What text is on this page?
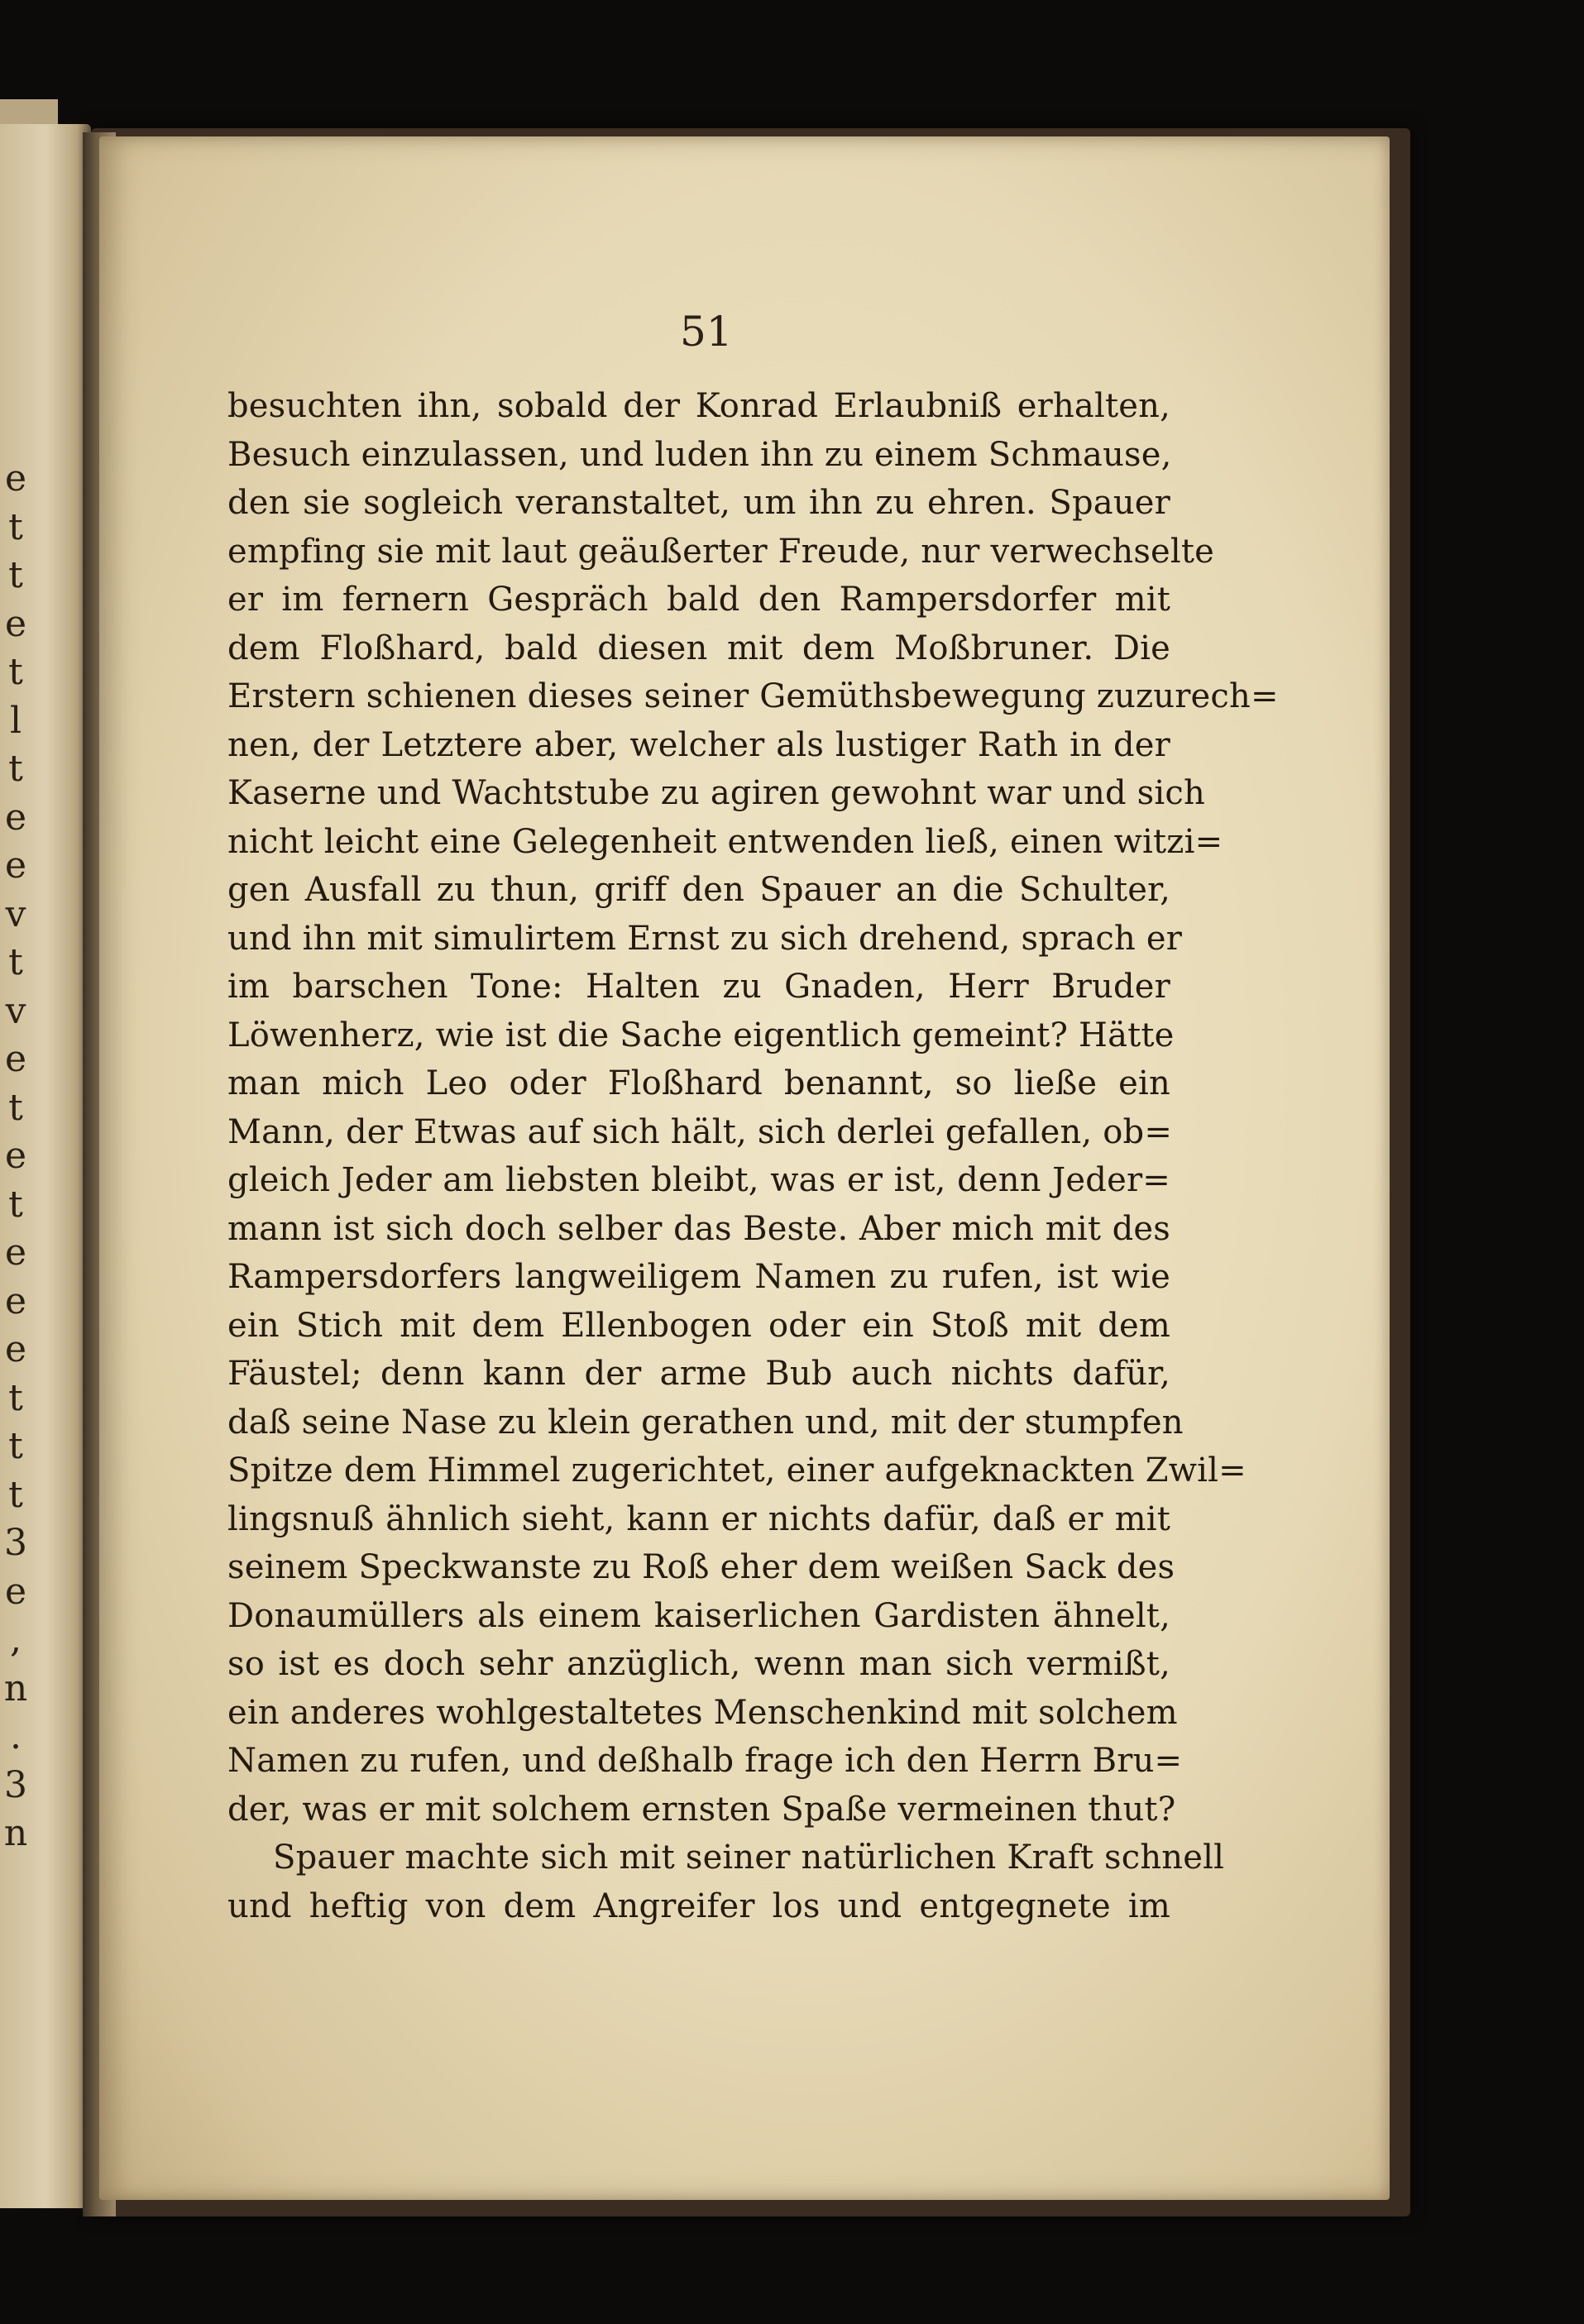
e
t
t
e
t
l
t
e
e
v
t
v
e
t
e
t
e
e
e
t
t
t
3
e
,
n
.
3
n
51
besuchten ihn, sobald der Konrad Erlaubniß erhalten,
Besuch einzulassen, und luden ihn zu einem Schmause,
den sie sogleich veranstaltet, um ihn zu ehren. Spauer
empfing sie mit laut geäußerter Freude, nur verwechselte
er im fernern Gespräch bald den Rampersdorfer mit
dem Floßhard, bald diesen mit dem Moßbruner. Die
Erstern schienen dieses seiner Gemüthsbewegung zuzurech=
nen, der Letztere aber, welcher als lustiger Rath in der
Kaserne und Wachtstube zu agiren gewohnt war und sich
nicht leicht eine Gelegenheit entwenden ließ, einen witzi=
gen Ausfall zu thun, griff den Spauer an die Schulter,
und ihn mit simulirtem Ernst zu sich drehend, sprach er
im barschen Tone: Halten zu Gnaden, Herr Bruder
Löwenherz, wie ist die Sache eigentlich gemeint? Hätte
man mich Leo oder Floßhard benannt, so ließe ein
Mann, der Etwas auf sich hält, sich derlei gefallen, ob=
gleich Jeder am liebsten bleibt, was er ist, denn Jeder=
mann ist sich doch selber das Beste. Aber mich mit des
Rampersdorfers langweiligem Namen zu rufen, ist wie
ein Stich mit dem Ellenbogen oder ein Stoß mit dem
Fäustel; denn kann der arme Bub auch nichts dafür,
daß seine Nase zu klein gerathen und, mit der stumpfen
Spitze dem Himmel zugerichtet, einer aufgeknackten Zwil=
lingsnuß ähnlich sieht, kann er nichts dafür, daß er mit
seinem Speckwanste zu Roß eher dem weißen Sack des
Donaumüllers als einem kaiserlichen Gardisten ähnelt,
so ist es doch sehr anzüglich, wenn man sich vermißt,
ein anderes wohlgestaltetes Menschenkind mit solchem
Namen zu rufen, und deßhalb frage ich den Herrn Bru=
der, was er mit solchem ernsten Spaße vermeinen thut?
Spauer machte sich mit seiner natürlichen Kraft schnell
und heftig von dem Angreifer los und entgegnete im
